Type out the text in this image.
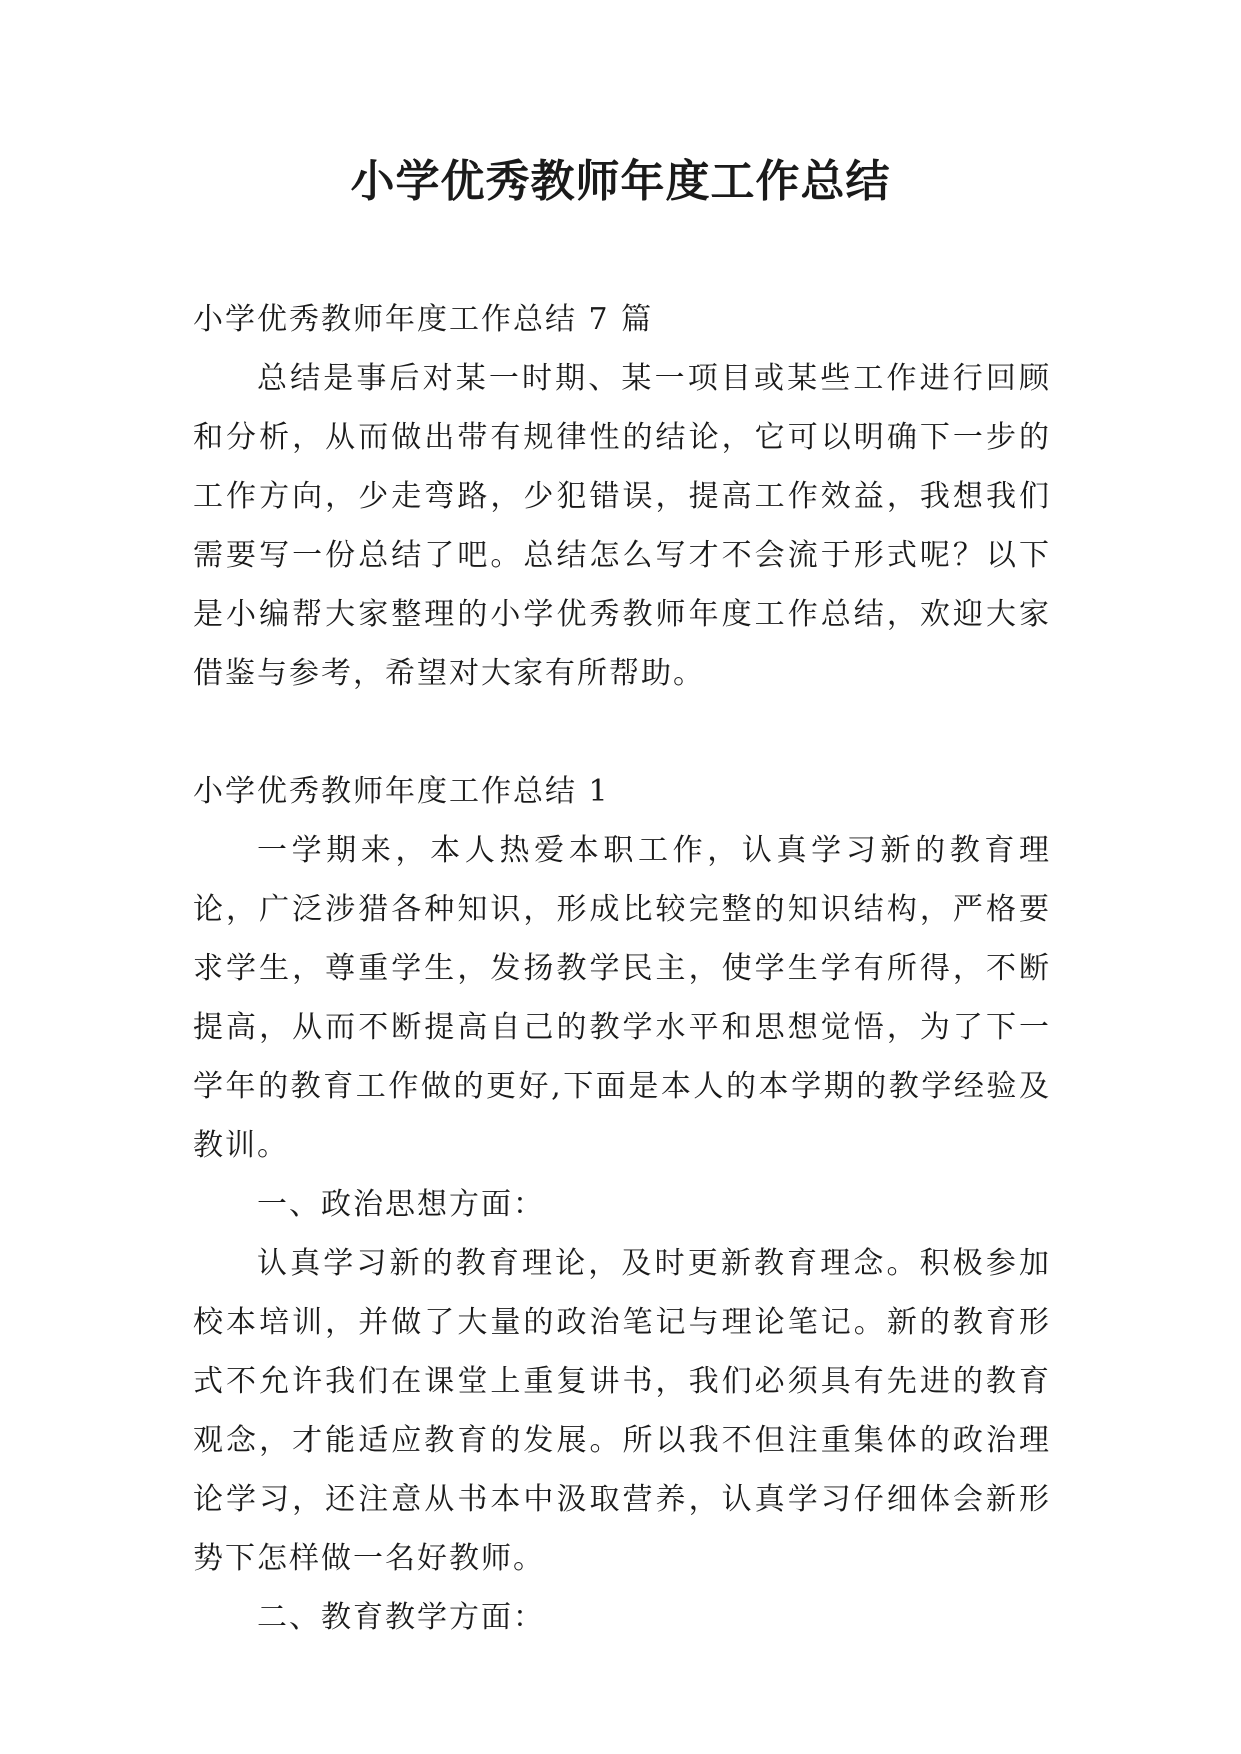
小学优秀教师年度工作总结

小学优秀教师年度工作总结 7 篇

总结是事后对某一时期、某一项目或某些工作进行回顾和分析，从而做出带有规律性的结论，它可以明确下一步的工作方向，少走弯路，少犯错误，提高工作效益，我想我们需要写一份总结了吧。总结怎么写才不会流于形式呢？以下是小编帮大家整理的小学优秀教师年度工作总结，欢迎大家借鉴与参考，希望对大家有所帮助。

小学优秀教师年度工作总结 1

一学期来，本人热爱本职工作，认真学习新的教育理论，广泛涉猎各种知识，形成比较完整的知识结构，严格要求学生，尊重学生，发扬教学民主，使学生学有所得，不断提高，从而不断提高自己的教学水平和思想觉悟，为了下一学年的教育工作做的更好,下面是本人的本学期的教学经验及教训。

一、政治思想方面：

认真学习新的教育理论，及时更新教育理念。积极参加校本培训，并做了大量的政治笔记与理论笔记。新的教育形式不允许我们在课堂上重复讲书，我们必须具有先进的教育观念，才能适应教育的发展。所以我不但注重集体的政治理论学习，还注意从书本中汲取营养，认真学习仔细体会新形势下怎样做一名好教师。

二、教育教学方面：
